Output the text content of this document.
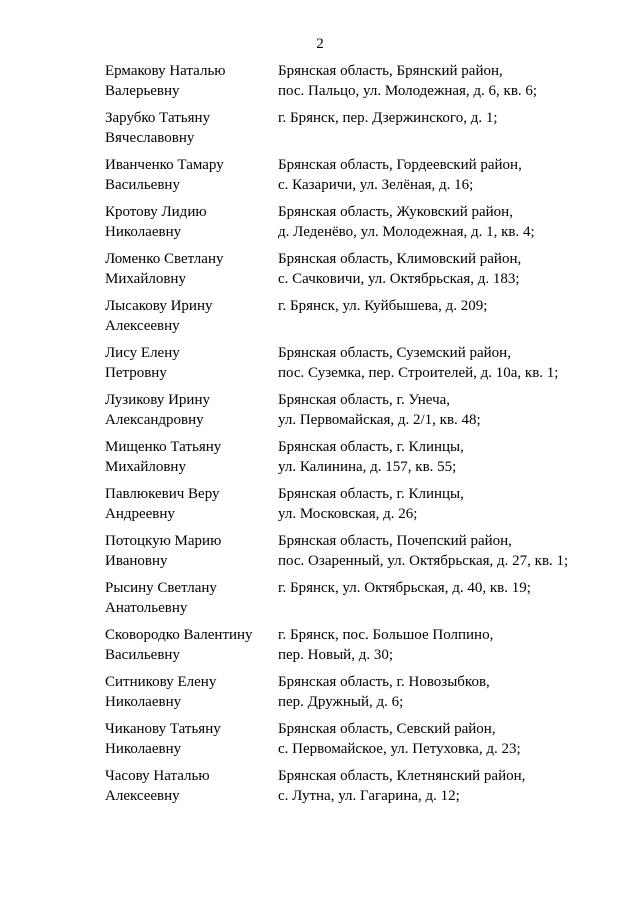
2
Ермакову Наталью
Валерьевну
Брянская область, Брянский район,
пос. Пальцо, ул. Молодежная, д. 6, кв. 6;
Зарубко Татьяну
Вячеславовну
г. Брянск, пер. Дзержинского, д. 1;
Иванченко Тамару
Васильевну
Брянская область, Гордеевский район,
с. Казаричи, ул. Зелёная, д. 16;
Кротову Лидию
Николаевну
Брянская область, Жуковский район,
д. Леденёво, ул. Молодежная, д. 1, кв. 4;
Ломенко Светлану
Михайловну
Брянская область, Климовский район,
с. Сачковичи, ул. Октябрьская, д. 183;
Лысакову Ирину
Алексеевну
г. Брянск, ул. Куйбышева, д. 209;
Лису Елену
Петровну
Брянская область, Суземский район,
пос. Суземка, пер. Строителей, д. 10а, кв. 1;
Лузикову Ирину
Александровну
Брянская область, г. Унеча,
ул. Первомайская, д. 2/1, кв. 48;
Мищенко Татьяну
Михайловну
Брянская область, г. Клинцы,
ул. Калинина, д. 157, кв. 55;
Павлюкевич Веру
Андреевну
Брянская область, г. Клинцы,
ул. Московская, д. 26;
Потоцкую Марию
Ивановну
Брянская область, Почепский район,
пос. Озаренный, ул. Октябрьская, д. 27, кв. 1;
Рысину Светлану
Анатольевну
г. Брянск, ул. Октябрьская, д. 40, кв. 19;
Сковородко Валентину
Васильевну
г. Брянск, пос. Большое Полпино,
пер. Новый, д. 30;
Ситникову Елену
Николаевну
Брянская область, г. Новозыбков,
пер. Дружный, д. 6;
Чиканову Татьяну
Николаевну
Брянская область, Севский район,
с. Первомайское, ул. Петуховка, д. 23;
Часову Наталью
Алексеевну
Брянская область, Клетнянский район,
с. Лутна, ул. Гагарина, д. 12;
